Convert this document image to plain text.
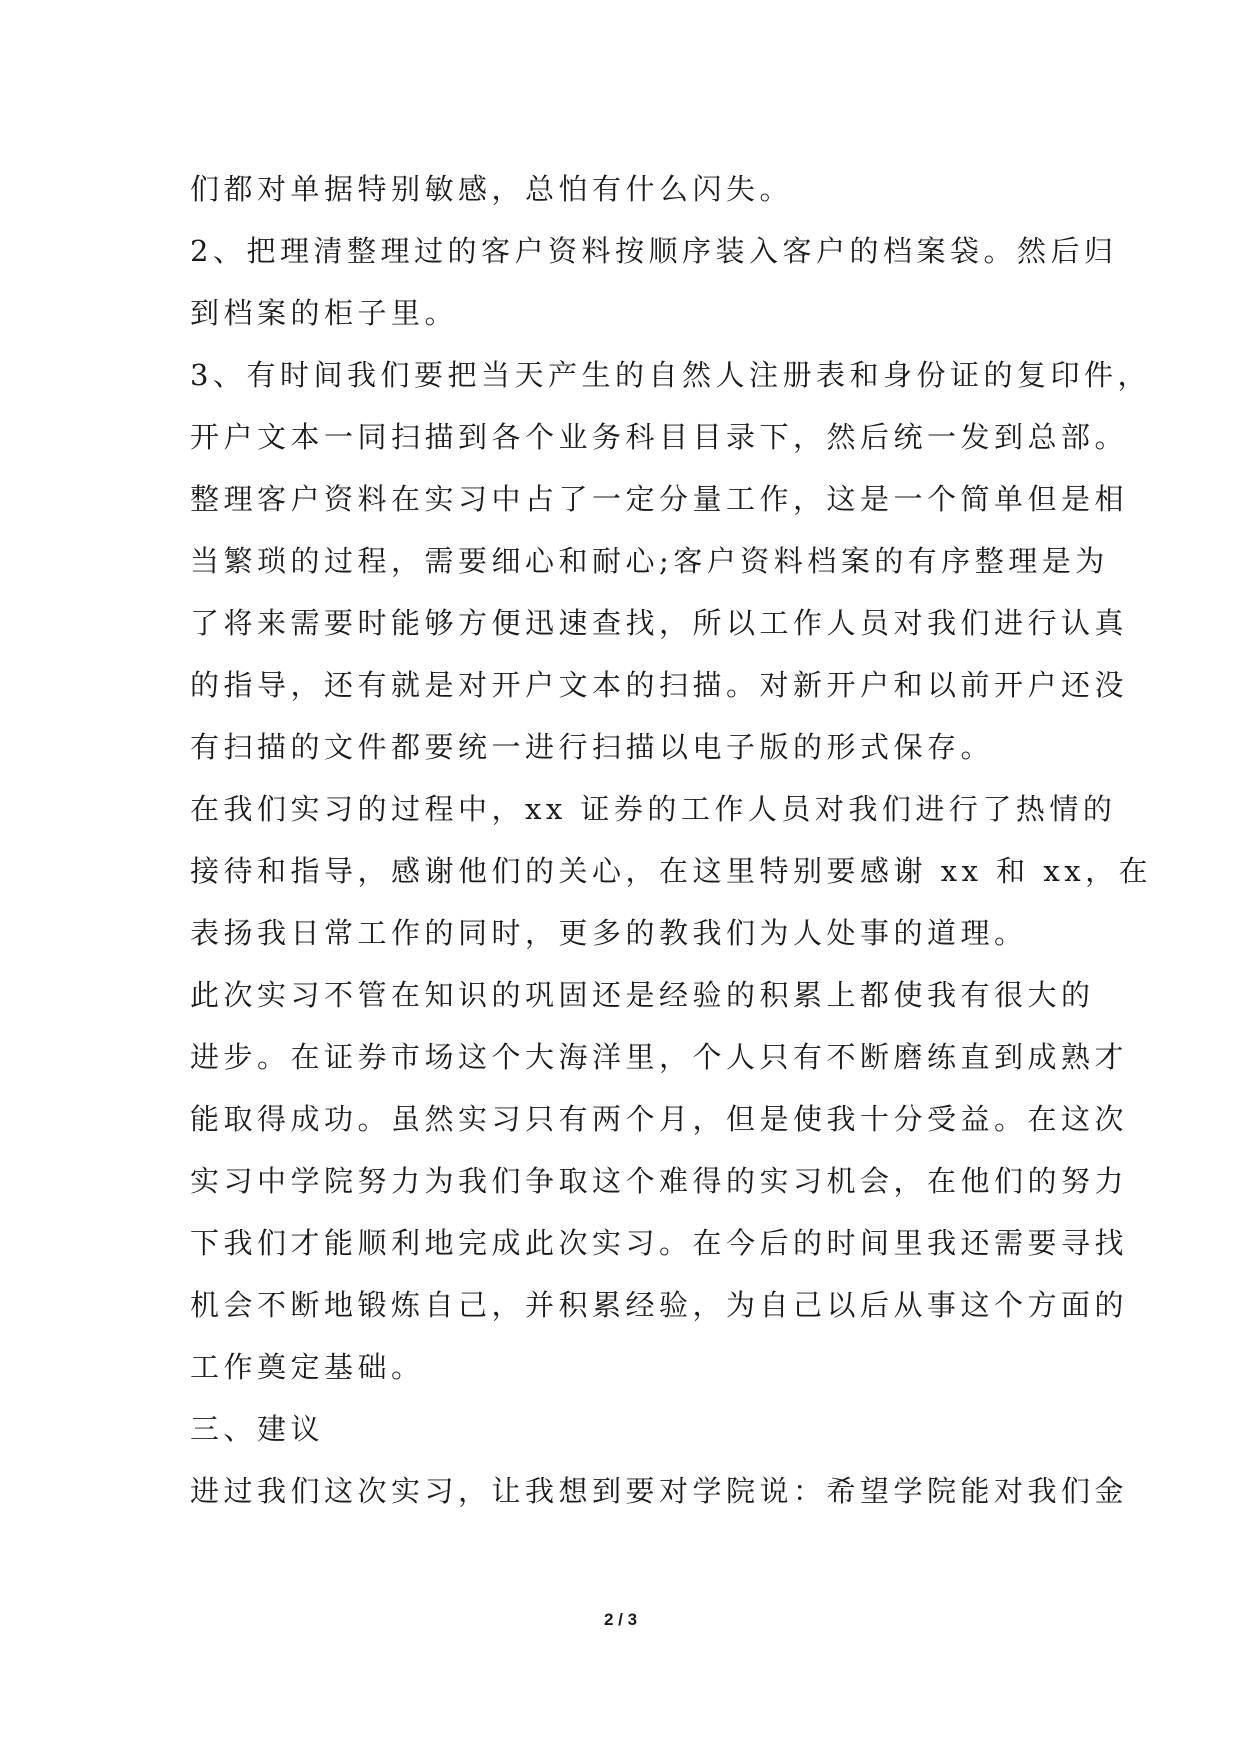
们都对单据特别敏感，总怕有什么闪失。
2、把理清整理过的客户资料按顺序装入客户的档案袋。然后归
到档案的柜子里。
3、有时间我们要把当天产生的自然人注册表和身份证的复印件，
开户文本一同扫描到各个业务科目目录下，然后统一发到总部。
整理客户资料在实习中占了一定分量工作，这是一个简单但是相
当繁琐的过程，需要细心和耐心;客户资料档案的有序整理是为
了将来需要时能够方便迅速查找，所以工作人员对我们进行认真
的指导，还有就是对开户文本的扫描。对新开户和以前开户还没
有扫描的文件都要统一进行扫描以电子版的形式保存。
在我们实习的过程中，xx 证券的工作人员对我们进行了热情的
接待和指导，感谢他们的关心，在这里特别要感谢 xx 和 xx，在
表扬我日常工作的同时，更多的教我们为人处事的道理。
此次实习不管在知识的巩固还是经验的积累上都使我有很大的
进步。在证券市场这个大海洋里，个人只有不断磨练直到成熟才
能取得成功。虽然实习只有两个月，但是使我十分受益。在这次
实习中学院努力为我们争取这个难得的实习机会，在他们的努力
下我们才能顺利地完成此次实习。在今后的时间里我还需要寻找
机会不断地锻炼自己，并积累经验，为自己以后从事这个方面的
工作奠定基础。
三、建议
进过我们这次实习，让我想到要对学院说：希望学院能对我们金
2 / 3
